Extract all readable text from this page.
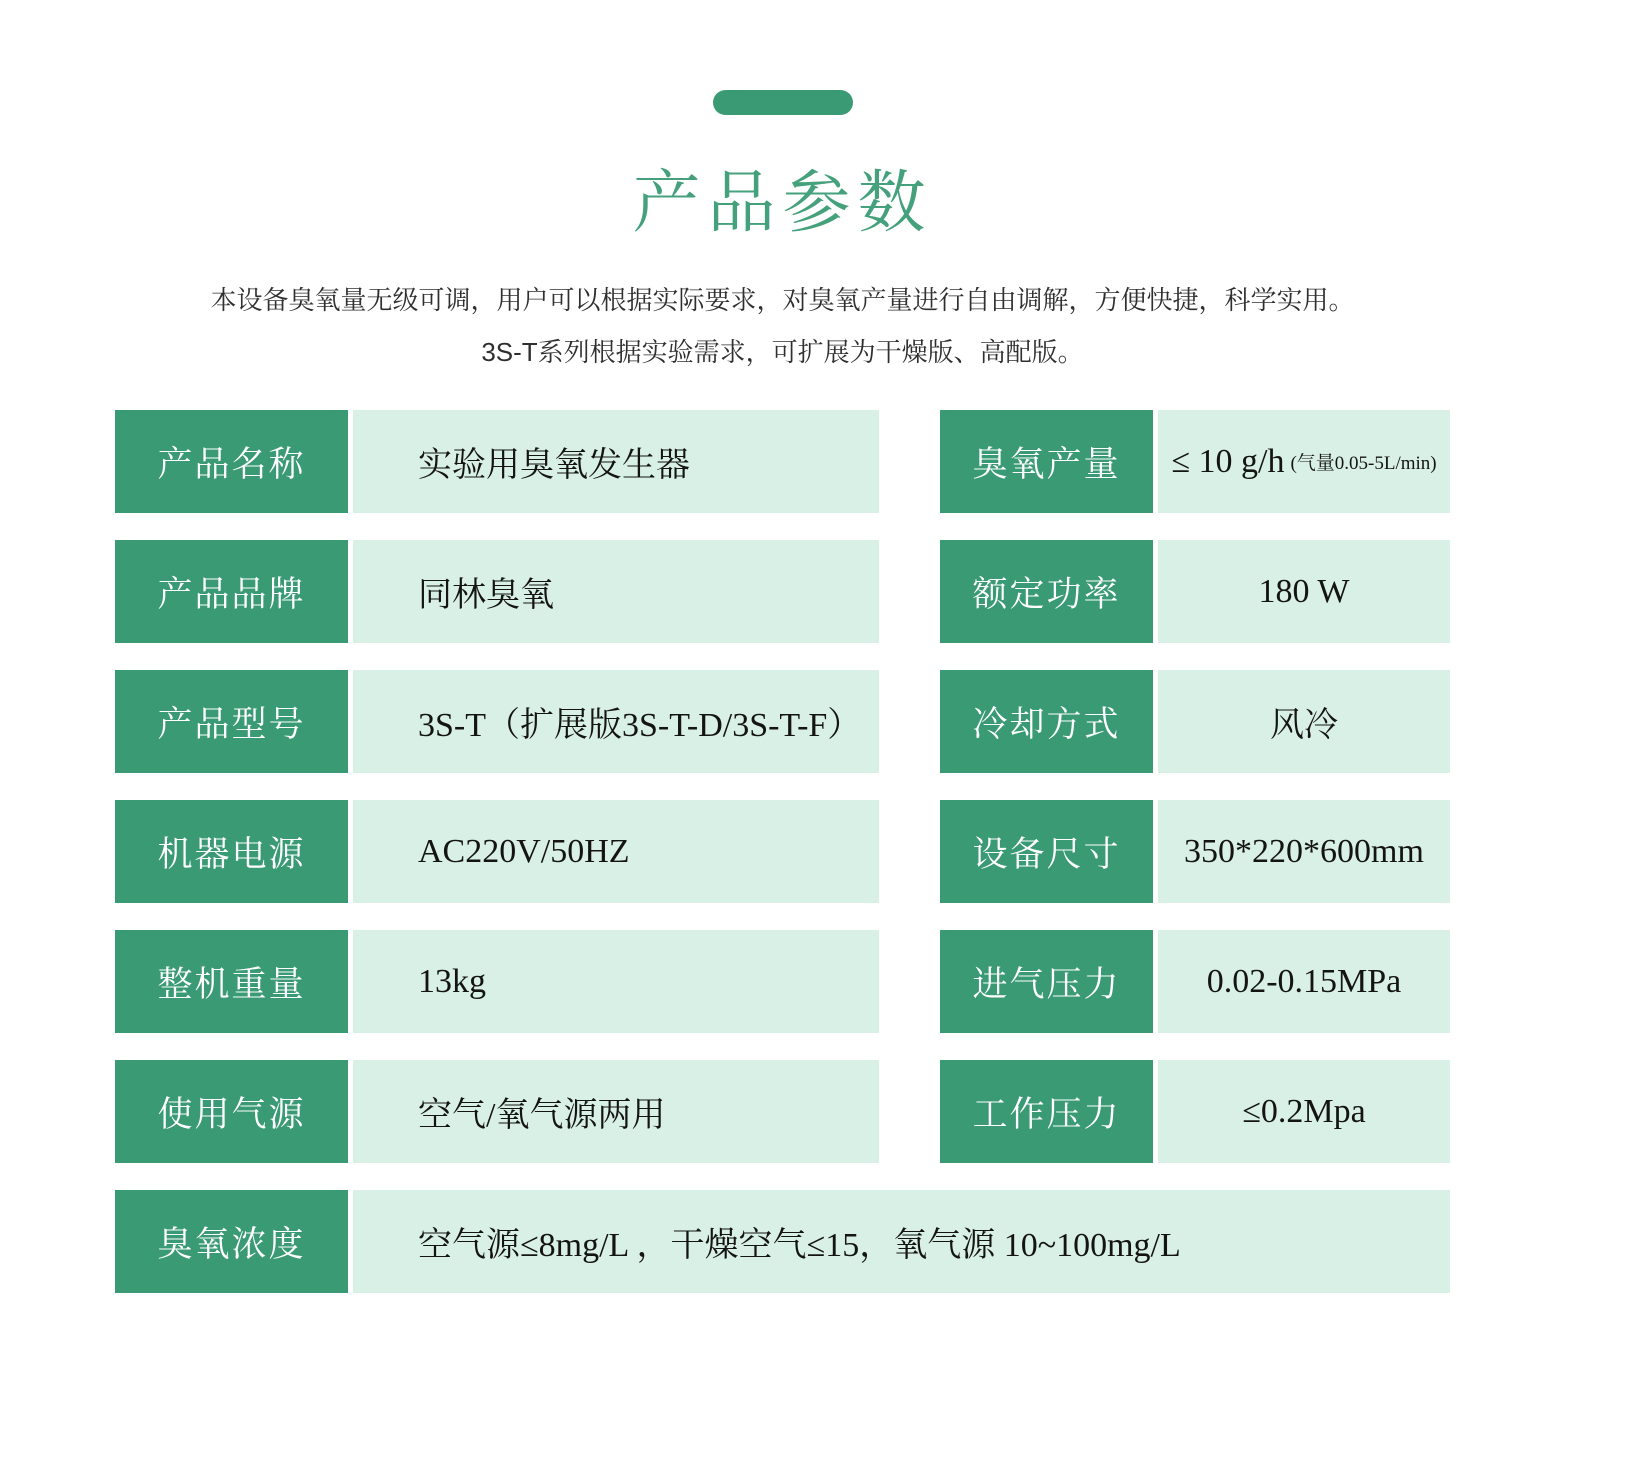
产品参数
本设备臭氧量无级可调，用户可以根据实际要求，对臭氧产量进行自由调解，方便快捷，科学实用。
3S-T系列根据实验需求，可扩展为干燥版、高配版。
产品名称	实验用臭氧发生器	臭氧产量	≤ 10 g/h (气量0.05-5L/min)
产品品牌	同林臭氧	额定功率	180 W
产品型号	3S-T（扩展版3S-T-D/3S-T-F）	冷却方式	风冷
机器电源	AC220V/50HZ	设备尺寸	350*220*600mm
整机重量	13kg	进气压力	0.02-0.15MPa
使用气源	空气/氧气源两用	工作压力	≤0.2Mpa
臭氧浓度	空气源≤8mg/L ，干燥空气≤15，氧气源 10~100mg/L
